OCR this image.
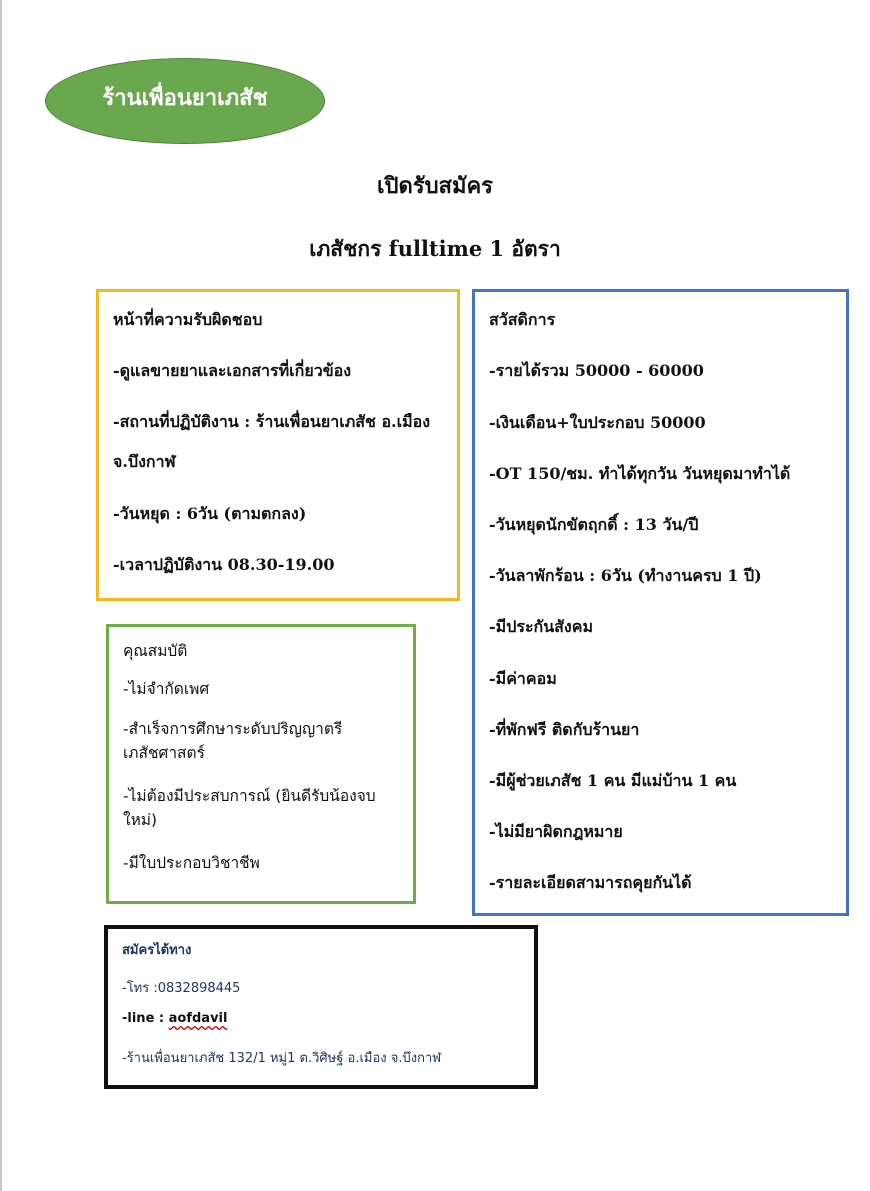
ร้านเพื่อนยาเภสัช
เปิดรับสมัคร
เภสัชกร fulltime 1 อัตรา

หน้าที่ความรับผิดชอบ

-ดูแลขายยาและเอกสารที่เกี่ยวข้อง

-สถานที่ปฏิบัติงาน : ร้านเพื่อนยาเภสัช อ.เมือง

จ.บึงกาฬ

-วันหยุด : 6วัน (ตามตกลง)

-เวลาปฏิบัติงาน 08.30-19.00

สวัสดิการ

-รายได้รวม 50000 - 60000

-เงินเดือน+ใบประกอบ 50000

-OT 150/ชม. ทำได้ทุกวัน วันหยุดมาทำได้

-วันหยุดนักขัตฤกดิ์ : 13 วัน/ปี

-วันลาพักร้อน : 6วัน (ทำงานครบ 1 ปี)

-มีประกันสังคม

-มีค่าคอม

-ที่พักฟรี ติดกับร้านยา

-มีผู้ช่วยเภสัช 1 คน มีแม่บ้าน 1 คน

-ไม่มียาผิดกฎหมาย

-รายละเอียดสามารถคุยกันได้

คุณสมบัติ

-ไม่จำกัดเพศ

-สำเร็จการศึกษาระดับปริญญาตรี เภสัชศาสตร์

-ไม่ต้องมีประสบการณ์ (ยินดีรับน้องจบใหม่)

-มีใบประกอบวิชาชีพ

สมัครได้ทาง

-โทร :0832898445

-line : aofdavil

-ร้านเพื่อนยาเภสัช 132/1 หมู่1 ต.วิศิษฐ์ อ.เมือง จ.บึงกาฬ
